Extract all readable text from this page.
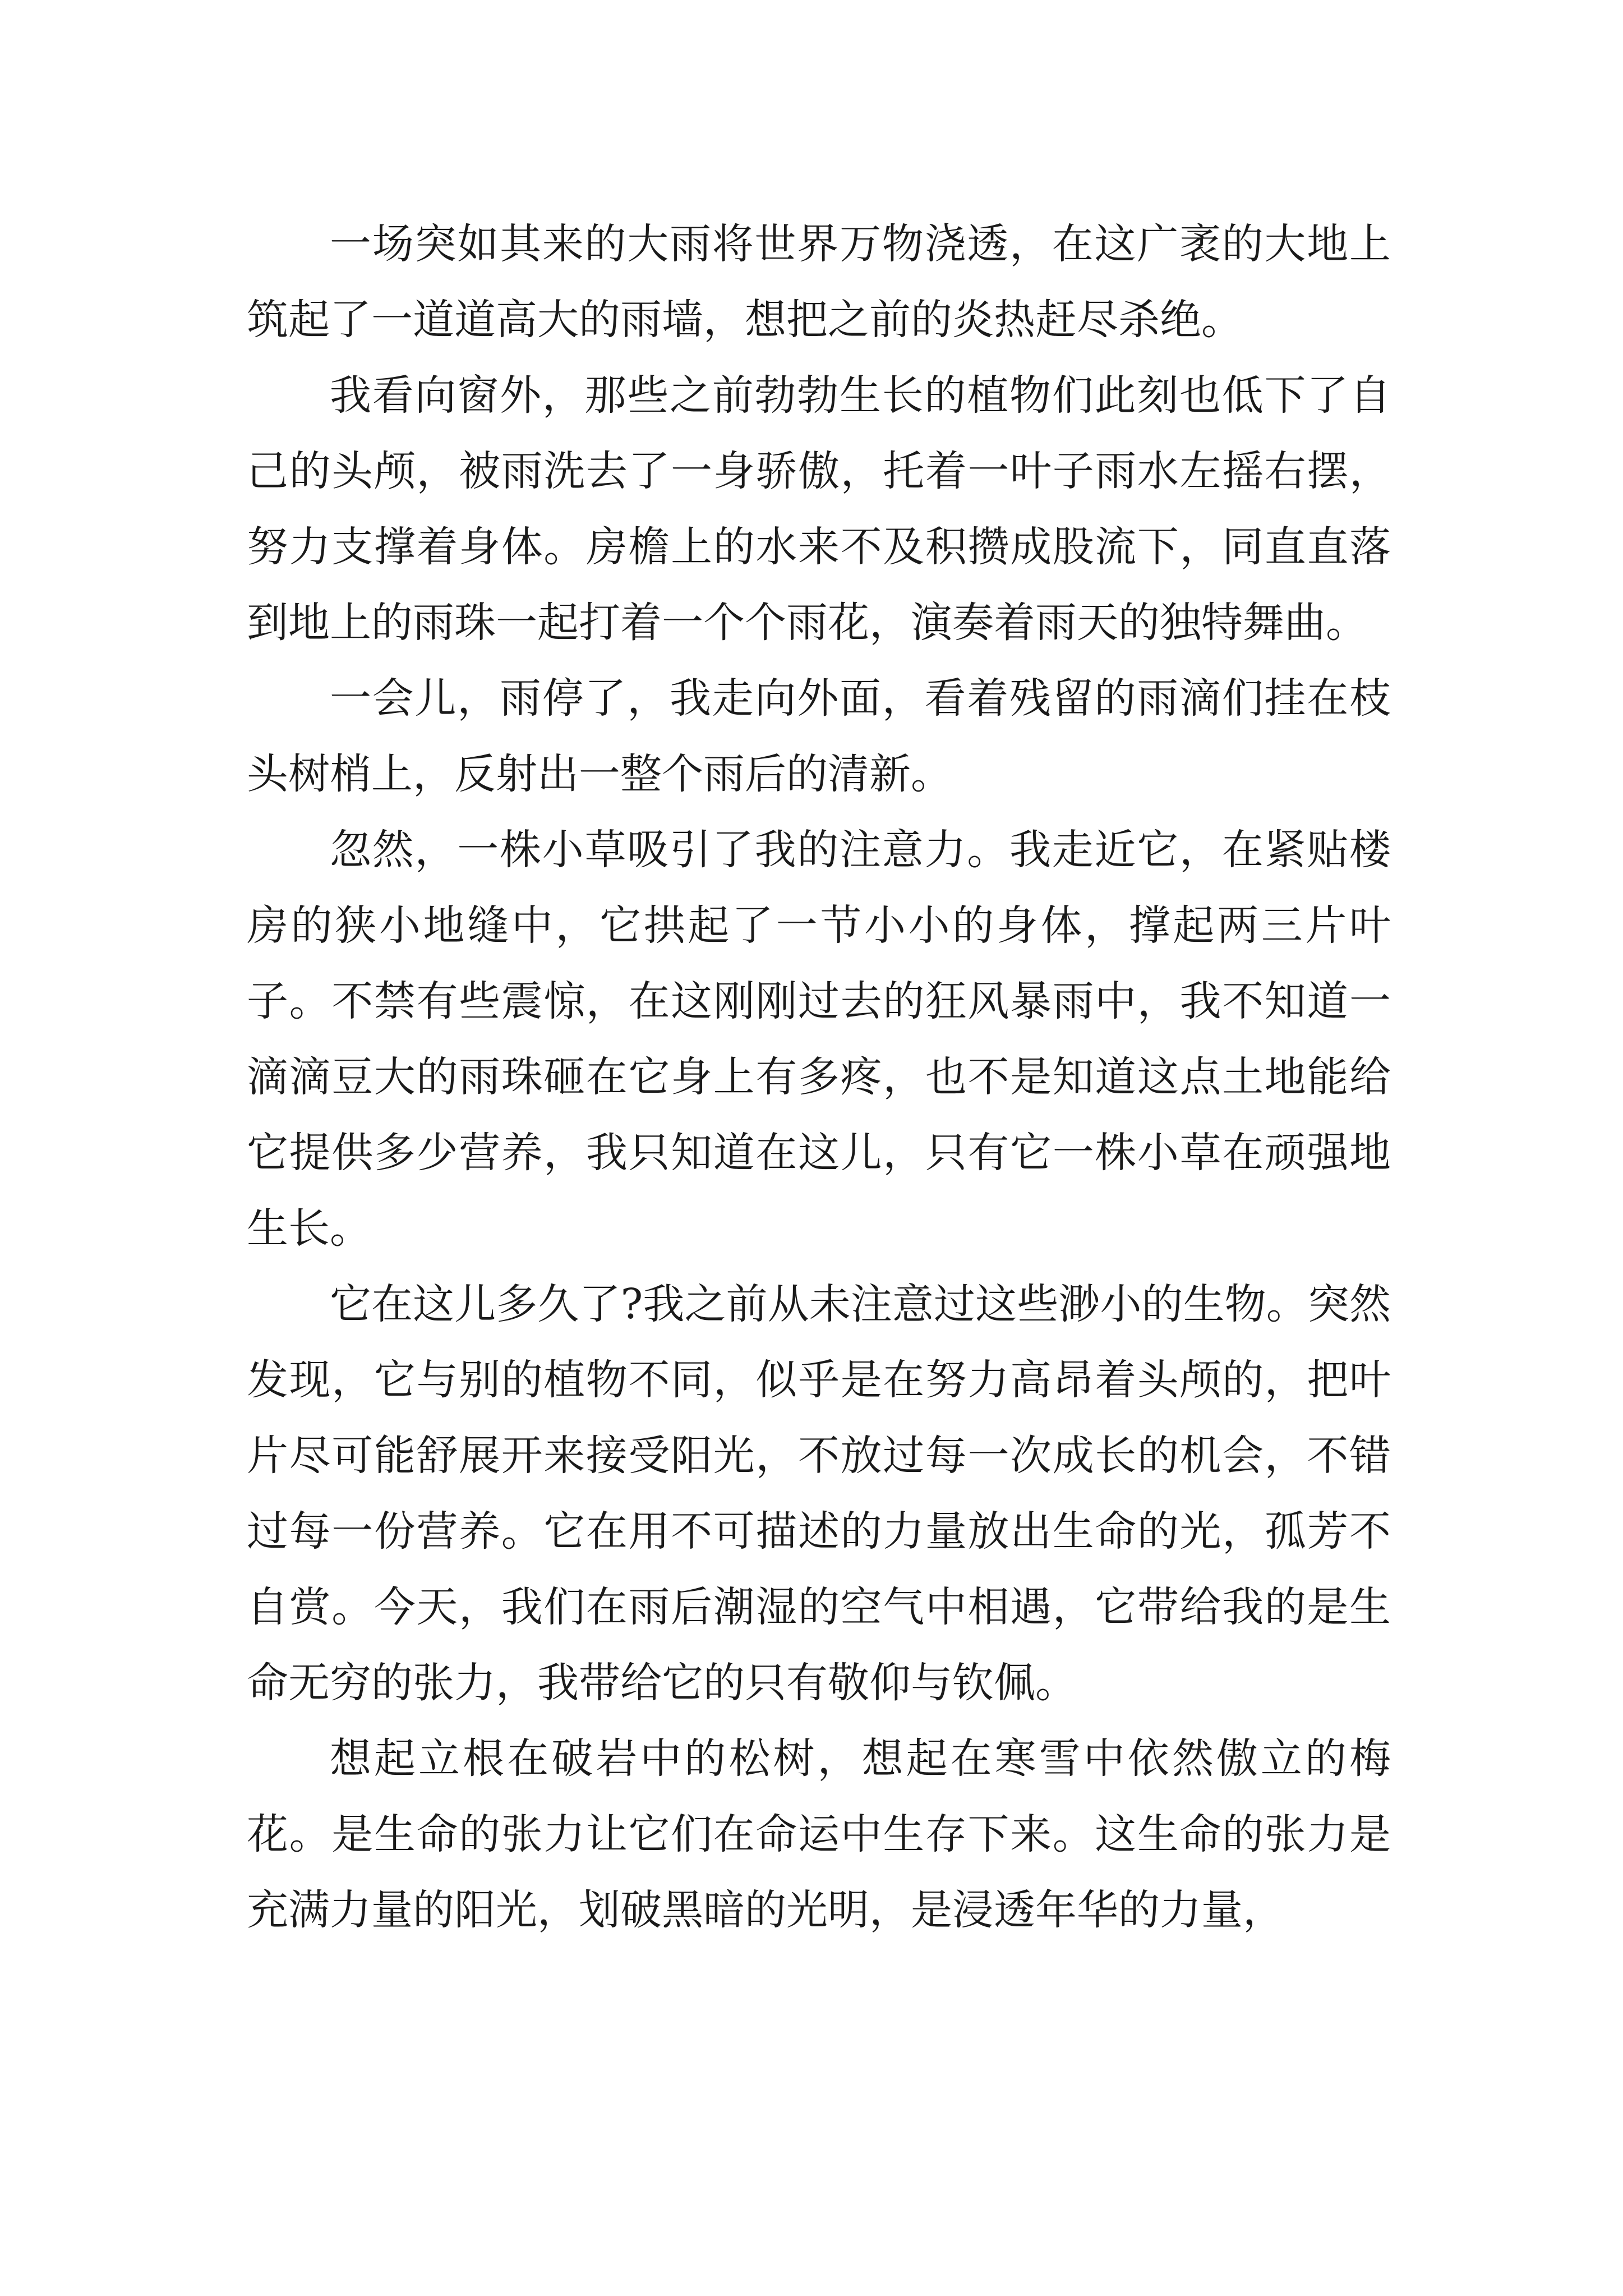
一场突如其来的大雨将世界万物浇透，在这广袤的大地上筑起了一道道高大的雨墙，想把之前的炎热赶尽杀绝。

我看向窗外，那些之前勃勃生长的植物们此刻也低下了自己的头颅，被雨洗去了一身骄傲，托着一叶子雨水左摇右摆，努力支撑着身体。房檐上的水来不及积攒成股流下，同直直落到地上的雨珠一起打着一个个雨花，演奏着雨天的独特舞曲。

一会儿，雨停了，我走向外面，看着残留的雨滴们挂在枝头树梢上，反射出一整个雨后的清新。

忽然，一株小草吸引了我的注意力。我走近它，在紧贴楼房的狭小地缝中，它拱起了一节小小的身体，撑起两三片叶子。不禁有些震惊，在这刚刚过去的狂风暴雨中，我不知道一滴滴豆大的雨珠砸在它身上有多疼，也不是知道这点土地能给它提供多少营养，我只知道在这儿，只有它一株小草在顽强地生长。

它在这儿多久了?我之前从未注意过这些渺小的生物。突然发现，它与别的植物不同，似乎是在努力高昂着头颅的，把叶片尽可能舒展开来接受阳光，不放过每一次成长的机会，不错过每一份营养。它在用不可描述的力量放出生命的光，孤芳不自赏。今天，我们在雨后潮湿的空气中相遇，它带给我的是生命无穷的张力，我带给它的只有敬仰与钦佩。

想起立根在破岩中的松树，想起在寒雪中依然傲立的梅花。是生命的张力让它们在命运中生存下来。这生命的张力是充满力量的阳光，划破黑暗的光明，是浸透年华的力量，
